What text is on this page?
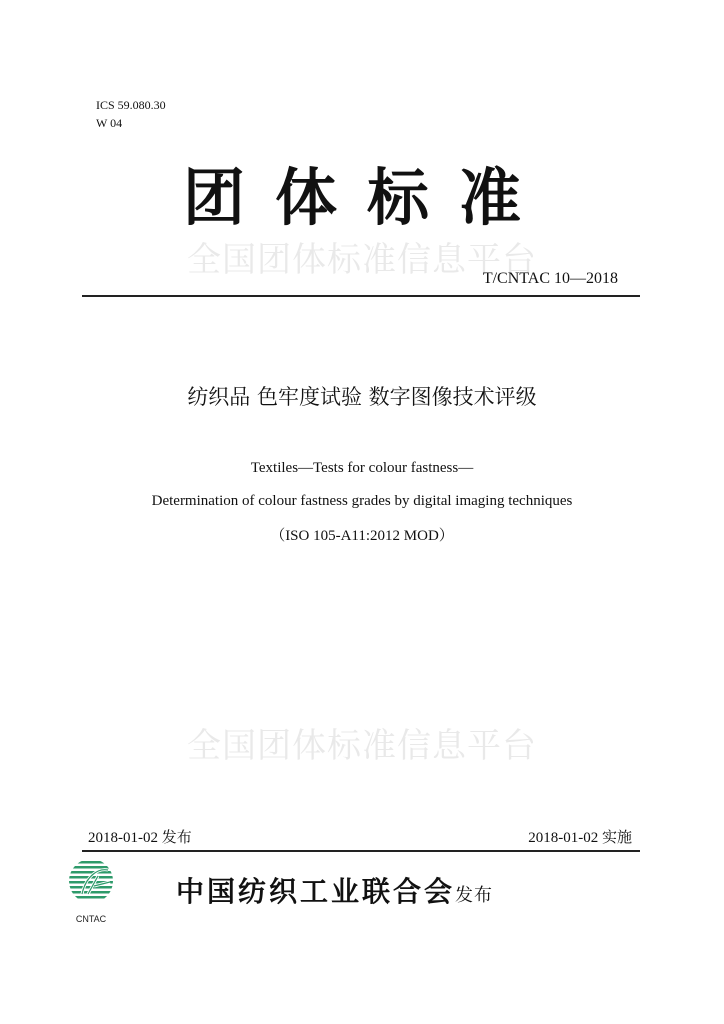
ICS 59.080.30
W 04
团体标准
全国团体标准信息平台
T/CNTAC 10—2018
纺织品 色牢度试验 数字图像技术评级
Textiles—Tests for colour fastness—
Determination of colour fastness grades by digital imaging techniques
（ISO 105-A11:2012 MOD）
全国团体标准信息平台
2018-01-02 发布	2018-01-02 实施
CNTAC
中国纺织工业联合会发布
